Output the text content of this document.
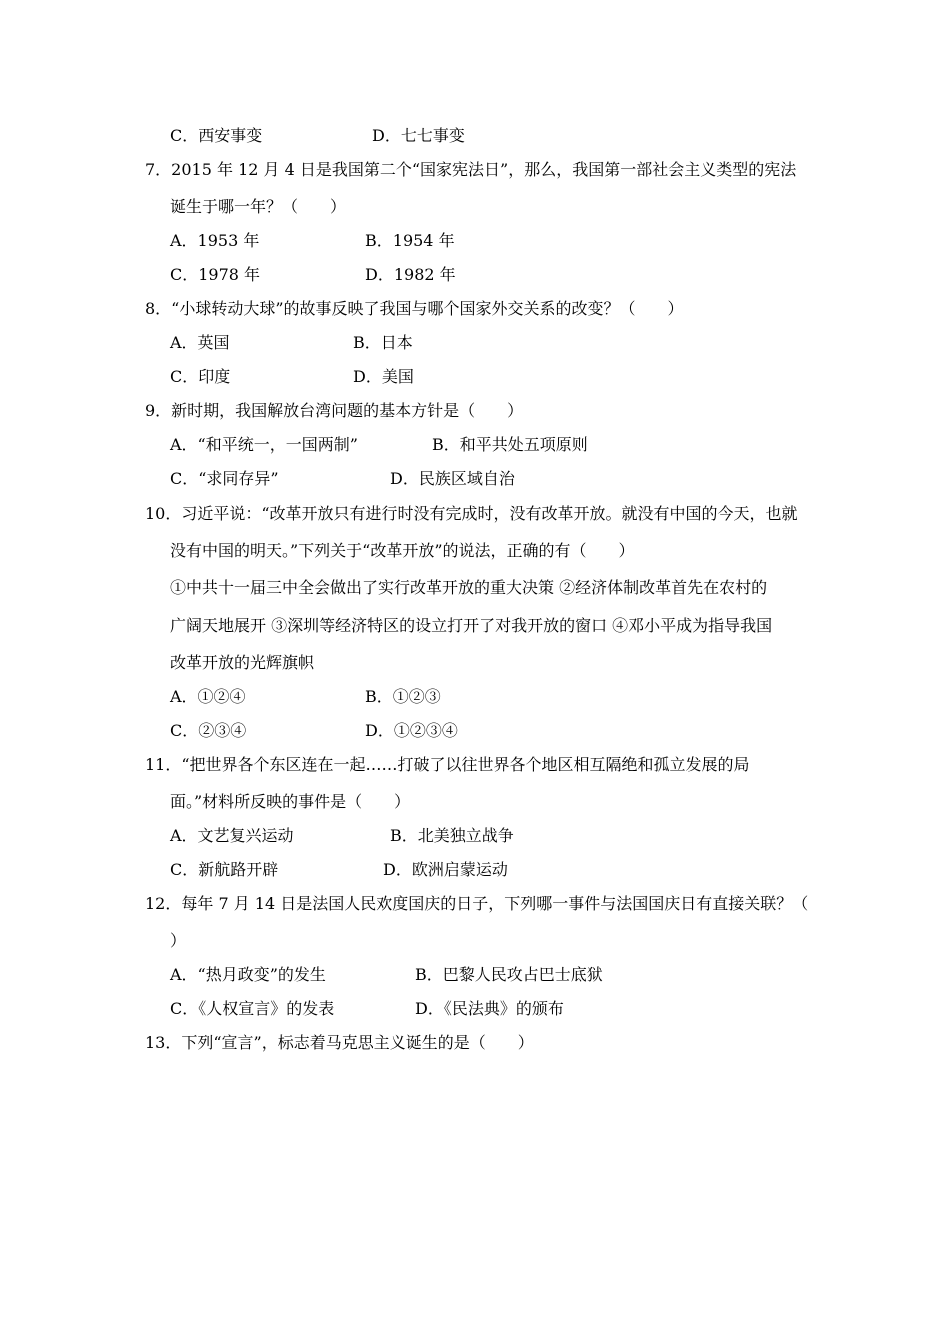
C．西安事变	D．七七事变
7．2015 年 12 月 4 日是我国第二个“国家宪法日”，那么，我国第一部社会主义类型的宪法
诞生于哪一年？（　　）
A．1953 年	B．1954 年
C．1978 年	D．1982 年
8．“小球转动大球”的故事反映了我国与哪个国家外交关系的改变？（　　）
A．英国	B．日本
C．印度	D．美国
9．新时期，我国解放台湾问题的基本方针是（　　）
A．“和平统一，一国两制”	B．和平共处五项原则
C．“求同存异”	D．民族区域自治
10．习近平说：“改革开放只有进行时没有完成时，没有改革开放。就没有中国的今天，也就
没有中国的明天。”下列关于“改革开放”的说法，正确的有（　　）
①中共十一届三中全会做出了实行改革开放的重大决策 ②经济体制改革首先在农村的
广阔天地展开 ③深圳等经济特区的设立打开了对我开放的窗口 ④邓小平成为指导我国
改革开放的光辉旗帜
A．①②④	B．①②③
C．②③④	D．①②③④
11．“把世界各个东区连在一起……打破了以往世界各个地区相互隔绝和孤立发展的局
面。”材料所反映的事件是（　　）
A．文艺复兴运动	B．北美独立战争
C．新航路开辟	D．欧洲启蒙运动
12．每年 7 月 14 日是法国人民欢度国庆的日子，下列哪一事件与法国国庆日有直接关联？（
）
A．“热月政变”的发生	B．巴黎人民攻占巴士底狱
C．《人权宣言》的发表	D．《民法典》的颁布
13．下列“宣言”，标志着马克思主义诞生的是（　　）
